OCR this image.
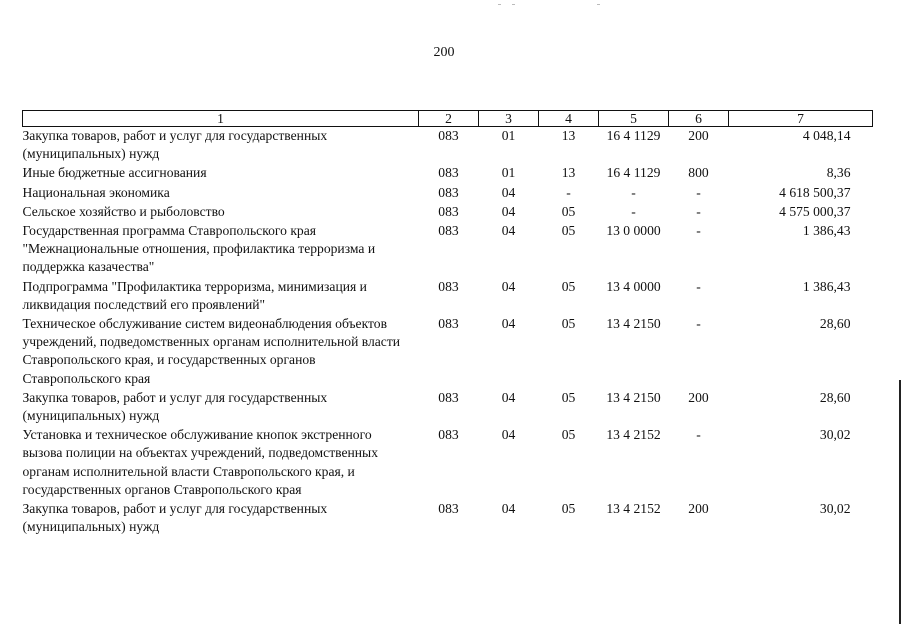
200
1	2	3	4	5	6	7
Закупка товаров, работ и услуг для государственных (муниципальных) нужд	083	01	13	16 4 1129	200	4 048,14
Иные бюджетные ассигнования	083	01	13	16 4 1129	800	8,36
Национальная экономика	083	04	-	-	-	4 618 500,37
Сельское хозяйство и рыболовство	083	04	05	-	-	4 575 000,37
Государственная программа Ставропольского края "Межнациональные отношения, профилактика терроризма и поддержка казачества"	083	04	05	13 0 0000	-	1 386,43
Подпрограмма "Профилактика терроризма, минимизация и ликвидация последствий его проявлений"	083	04	05	13 4 0000	-	1 386,43
Техническое обслуживание систем видеонаблюдения объектов учреждений, подведомственных органам исполнительной власти Ставропольского края, и государственных органов Ставропольского края	083	04	05	13 4 2150	-	28,60
Закупка товаров, работ и услуг для государственных (муниципальных) нужд	083	04	05	13 4 2150	200	28,60
Установка и техническое обслуживание кнопок экстренного вызова полиции на объектах учреждений, подведомственных органам исполнительной власти Ставропольского края, и государственных органов Ставропольского края	083	04	05	13 4 2152	-	30,02
Закупка товаров, работ и услуг для государственных (муниципальных) нужд	083	04	05	13 4 2152	200	30,02
